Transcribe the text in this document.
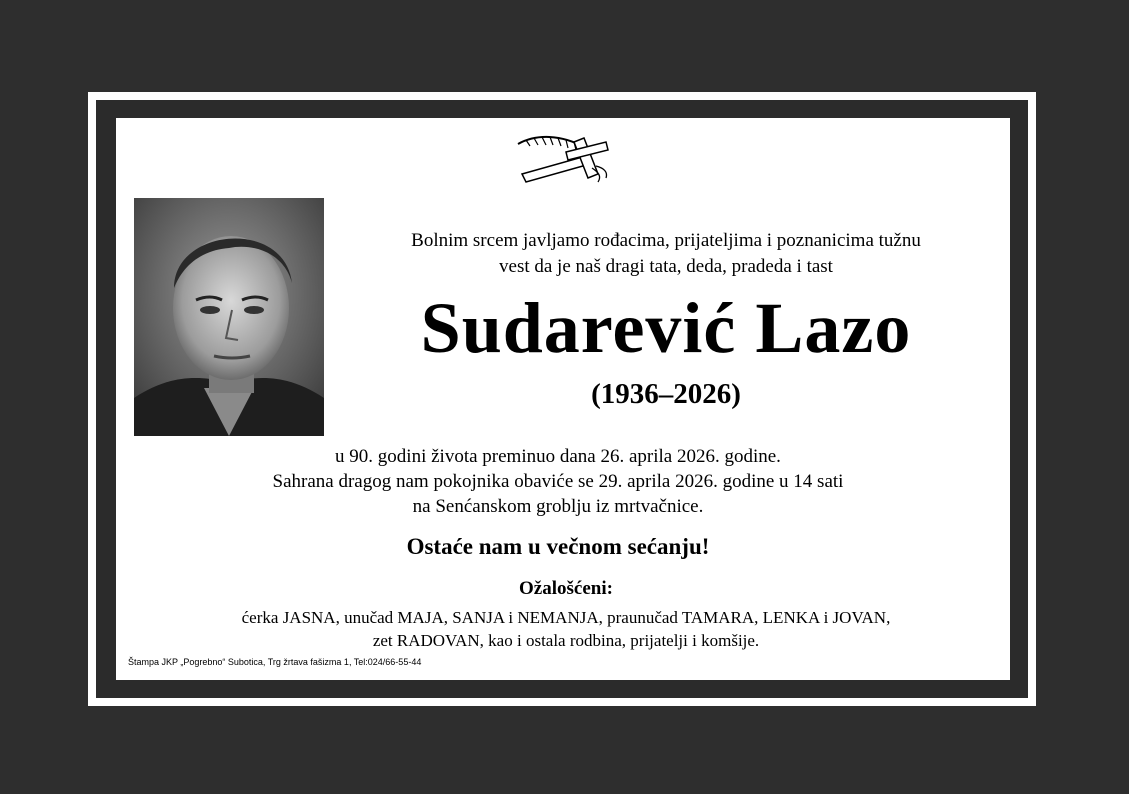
Bolnim srcem javljamo rođacima, prijateljima i poznanicima tužnu
vest da je naš dragi tata, deda, pradeda i tast
Sudarević Lazo
(1936–2026)
u 90. godini života preminuo dana 26. aprila 2026. godine.
Sahrana dragog nam pokojnika obaviće se 29. aprila 2026. godine u 14 sati
na Senćanskom groblju iz mrtvačnice.
Ostaće nam u večnom sećanju!
Ožalošćeni:
ćerka JASNA, unučad MAJA, SANJA i NEMANJA, praunučad TAMARA, LENKA i JOVAN,
zet RADOVAN, kao i ostala rodbina, prijatelji i komšije.
Štampa JKP „Pogrebno“ Subotica, Trg žrtava fašizma 1, Tel:024/66-55-44
